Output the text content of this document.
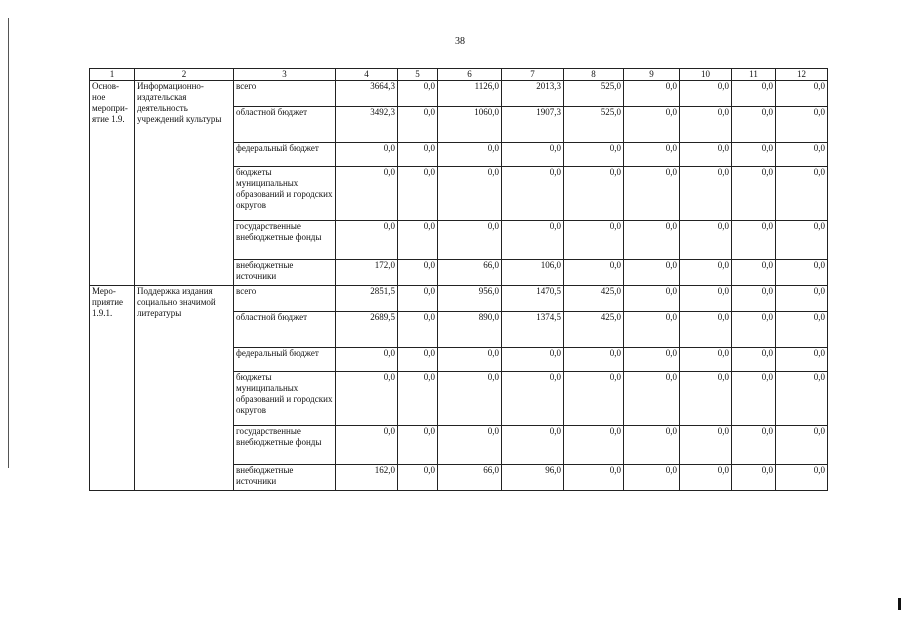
38
1	2	3	4	5	6	7	8	9	10	11	12
Основ-ное меропри-ятие 1.9.	Информационно-издательская деятельность учреждений культуры	всего	3664,3	0,0	1126,0	2013,3	525,0	0,0	0,0	0,0	0,0
		областной бюджет	3492,3	0,0	1060,0	1907,3	525,0	0,0	0,0	0,0	0,0
		федеральный бюджет	0,0	0,0	0,0	0,0	0,0	0,0	0,0	0,0	0,0
		бюджеты муниципальных образований и городских округов	0,0	0,0	0,0	0,0	0,0	0,0	0,0	0,0	0,0
		государственные внебюджетные фонды	0,0	0,0	0,0	0,0	0,0	0,0	0,0	0,0	0,0
		внебюджетные источники	172,0	0,0	66,0	106,0	0,0	0,0	0,0	0,0	0,0
Меро-приятие 1.9.1.	Поддержка издания социально значимой литературы	всего	2851,5	0,0	956,0	1470,5	425,0	0,0	0,0	0,0	0,0
		областной бюджет	2689,5	0,0	890,0	1374,5	425,0	0,0	0,0	0,0	0,0
		федеральный бюджет	0,0	0,0	0,0	0,0	0,0	0,0	0,0	0,0	0,0
		бюджеты муниципальных образований и городских округов	0,0	0,0	0,0	0,0	0,0	0,0	0,0	0,0	0,0
		государственные внебюджетные фонды	0,0	0,0	0,0	0,0	0,0	0,0	0,0	0,0	0,0
		внебюджетные источники	162,0	0,0	66,0	96,0	0,0	0,0	0,0	0,0	0,0
